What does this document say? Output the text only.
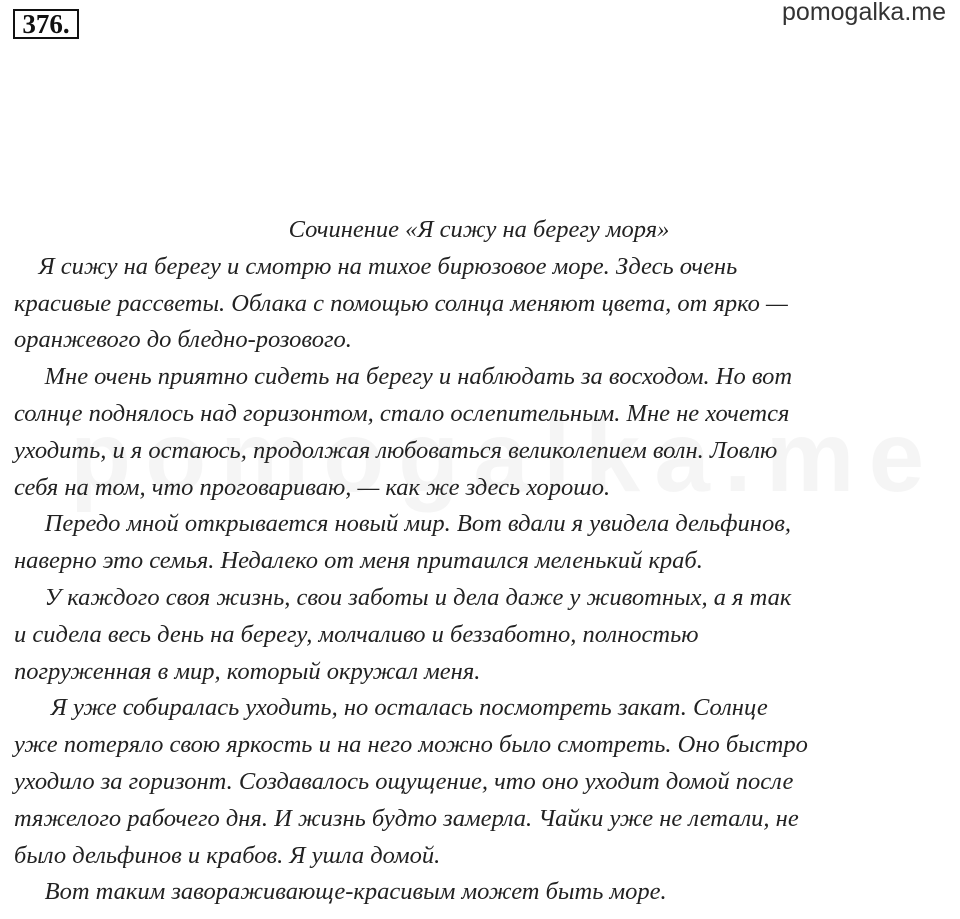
376.	pomogalka.me
Сочинение «Я сижу на берегу моря»
Я сижу на берегу и смотрю на тихое бирюзовое море. Здесь очень
красивые рассветы. Облака с помощью солнца меняют цвета, от ярко —
оранжевого до бледно-розового.
Мне очень приятно сидеть на берегу и наблюдать за восходом. Но вот
солнце поднялось над горизонтом, стало ослепительным. Мне не хочется
уходить, и я остаюсь, продолжая любоваться великолепием волн. Ловлю
себя на том, что проговариваю, — как же здесь хорошо.
Передо мной открывается новый мир. Вот вдали я увидела дельфинов,
наверно это семья. Недалеко от меня притаился меленький краб.
У каждого своя жизнь, свои заботы и дела даже у животных, а я так
и сидела весь день на берегу, молчаливо и беззаботно, полностью
погруженная в мир, который окружал меня.
Я уже собиралась уходить, но осталась посмотреть закат. Солнце
уже потеряло свою яркость и на него можно было смотреть. Оно быстро
уходило за горизонт. Создавалось ощущение, что оно уходит домой после
тяжелого рабочего дня. И жизнь будто замерла. Чайки уже не летали, не
было дельфинов и крабов. Я ушла домой.
Вот таким завораживающе-красивым может быть море.
